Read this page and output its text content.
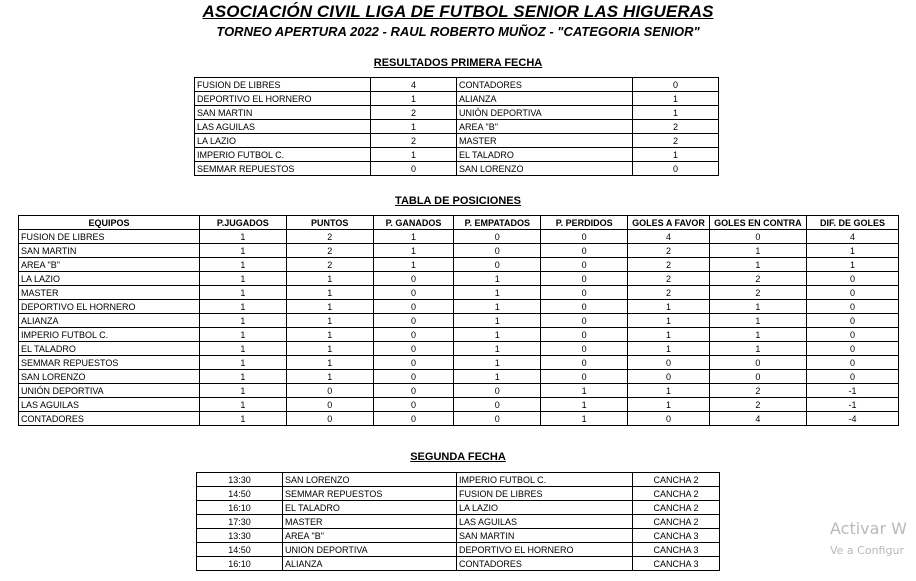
ASOCIACIÓN CIVIL LIGA DE FUTBOL SENIOR LAS HIGUERAS
TORNEO APERTURA 2022 - RAUL ROBERTO MUÑOZ - "CATEGORIA SENIOR"
RESULTADOS PRIMERA FECHA
FUSION DE LIBRES	4	CONTADORES	0
DEPORTIVO EL HORNERO	1	ALIANZA	1
SAN MARTIN	2	UNIÓN DEPORTIVA	1
LAS AGUILAS	1	AREA "B"	2
LA LAZIO	2	MASTER	2
IMPERIO FUTBOL C.	1	EL TALADRO	1
SEMMAR REPUESTOS	0	SAN LORENZO	0
TABLA DE POSICIONES
EQUIPOS	P.JUGADOS	PUNTOS	P. GANADOS	P. EMPATADOS	P. PERDIDOS	GOLES A FAVOR	GOLES EN CONTRA	DIF. DE GOLES
FUSION DE LIBRES	1	2	1	0	0	4	0	4
SAN MARTIN	1	2	1	0	0	2	1	1
AREA "B"	1	2	1	0	0	2	1	1
LA LAZIO	1	1	0	1	0	2	2	0
MASTER	1	1	0	1	0	2	2	0
DEPORTIVO EL HORNERO	1	1	0	1	0	1	1	0
ALIANZA	1	1	0	1	0	1	1	0
IMPERIO FUTBOL C.	1	1	0	1	0	1	1	0
EL TALADRO	1	1	0	1	0	1	1	0
SEMMAR REPUESTOS	1	1	0	1	0	0	0	0
SAN LORENZO	1	1	0	1	0	0	0	0
UNIÓN DEPORTIVA	1	0	0	0	1	1	2	-1
LAS AGUILAS	1	0	0	0	1	1	2	-1
CONTADORES	1	0	0	0	1	0	4	-4
SEGUNDA FECHA
13:30	SAN LORENZO	IMPERIO FUTBOL C.	CANCHA 2
14:50	SEMMAR REPUESTOS	FUSION DE LIBRES	CANCHA 2
16:10	EL TALADRO	LA LAZIO	CANCHA 2
17:30	MASTER	LAS AGUILAS	CANCHA 2
13:30	AREA "B"	SAN MARTIN	CANCHA 3
14:50	UNION DEPORTIVA	DEPORTIVO EL HORNERO	CANCHA 3
16:10	ALIANZA	CONTADORES	CANCHA 3
Activar W
Ve a Configur
